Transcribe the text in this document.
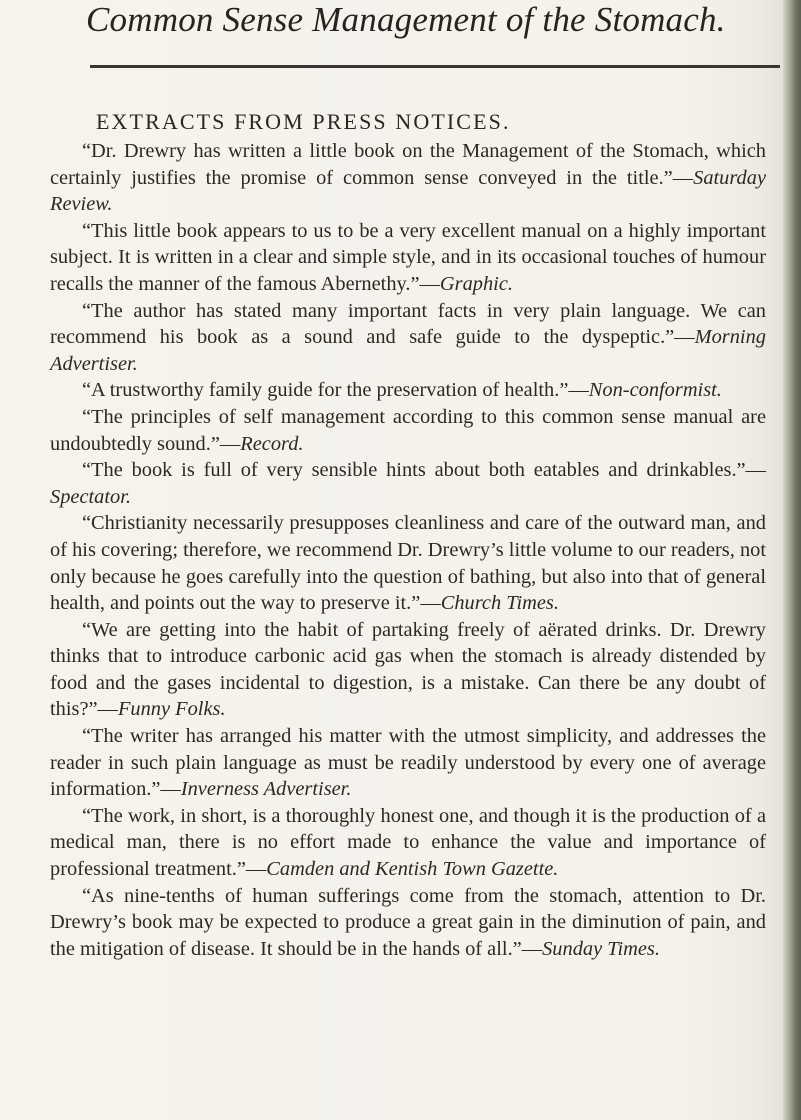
Common Sense Management of the Stomach.
EXTRACTS FROM PRESS NOTICES.

“Dr. Drewry has written a little book on the Management of the Stomach, which certainly justifies the promise of common sense conveyed in the title.”—Saturday Review.

“This little book appears to us to be a very excellent manual on a highly important subject. It is written in a clear and simple style, and in its occasional touches of humour recalls the manner of the famous Abernethy.”—Graphic.

“The author has stated many important facts in very plain language. We can recommend his book as a sound and safe guide to the dyspeptic.”—Morning Advertiser.

“A trustworthy family guide for the preservation of health.”—Non-conformist.

“The principles of self management according to this common sense manual are undoubtedly sound.”—Record.

“The book is full of very sensible hints about both eatables and drinkables.”—Spectator.

“Christianity necessarily presupposes cleanliness and care of the outward man, and of his covering; therefore, we recommend Dr. Drewry’s little volume to our readers, not only because he goes carefully into the question of bathing, but also into that of general health, and points out the way to preserve it.”—Church Times.

“We are getting into the habit of partaking freely of aërated drinks. Dr. Drewry thinks that to introduce carbonic acid gas when the stomach is already distended by food and the gases incidental to digestion, is a mistake. Can there be any doubt of this?”—Funny Folks.

“The writer has arranged his matter with the utmost simplicity, and addresses the reader in such plain language as must be readily understood by every one of average information.”—Inverness Advertiser.

“The work, in short, is a thoroughly honest one, and though it is the production of a medical man, there is no effort made to enhance the value and importance of professional treatment.”—Camden and Kentish Town Gazette.

“As nine-tenths of human sufferings come from the stomach, attention to Dr. Drewry’s book may be expected to produce a great gain in the diminution of pain, and the mitigation of disease. It should be in the hands of all.”—Sunday Times.
